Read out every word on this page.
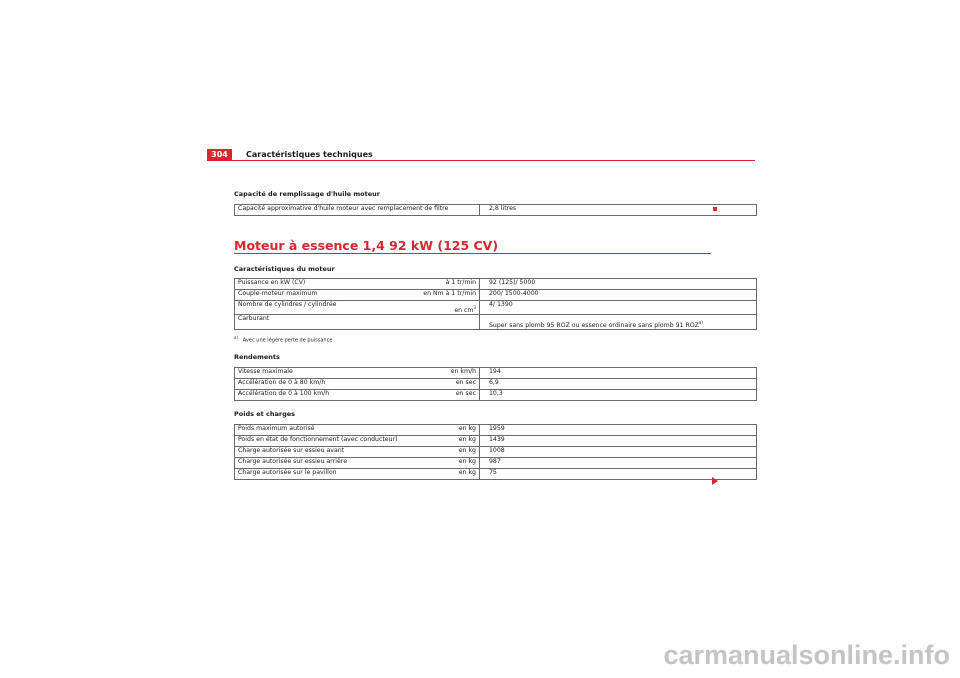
304	Caractéristiques techniques
Capacité de remplissage d'huile moteur
Capacité approximative d'huile moteur avec remplacement de filtre	2,8 litres
Moteur à essence 1,4 92 kW (125 CV)
Caractéristiques du moteur
Puissance en kW (CV) à 1 tr/min	92 (125)/ 5000

Couple-moteur maximum en Nm à 1 tr/min	200/ 1500-4000

Nombre de cylindres / cylindrée
en $cm^3$	4/ 1390

Carburant	Super sans plomb 95 ROZ ou essence ordinaire sans plomb 91 ROZ$^{a)}$
$^{a)}$   Avec une légère perte de puissance
Rendements
Vitesse maximale en km/h	194

Accélération de 0 à 80 km/h en sec	6,9

Accélération de 0 à 100 km/h en sec	10,3
Poids et charges
Poids maximum autorisé en kg	1959

Poids en état de fonctionnement (avec conducteur) en kg	1439

Charge autorisée sur essieu avant en kg	1008

Charge autorisée sur essieu arrière en kg	987

Charge autorisée sur le pavillon en kg	75
carmanualsonline.info
